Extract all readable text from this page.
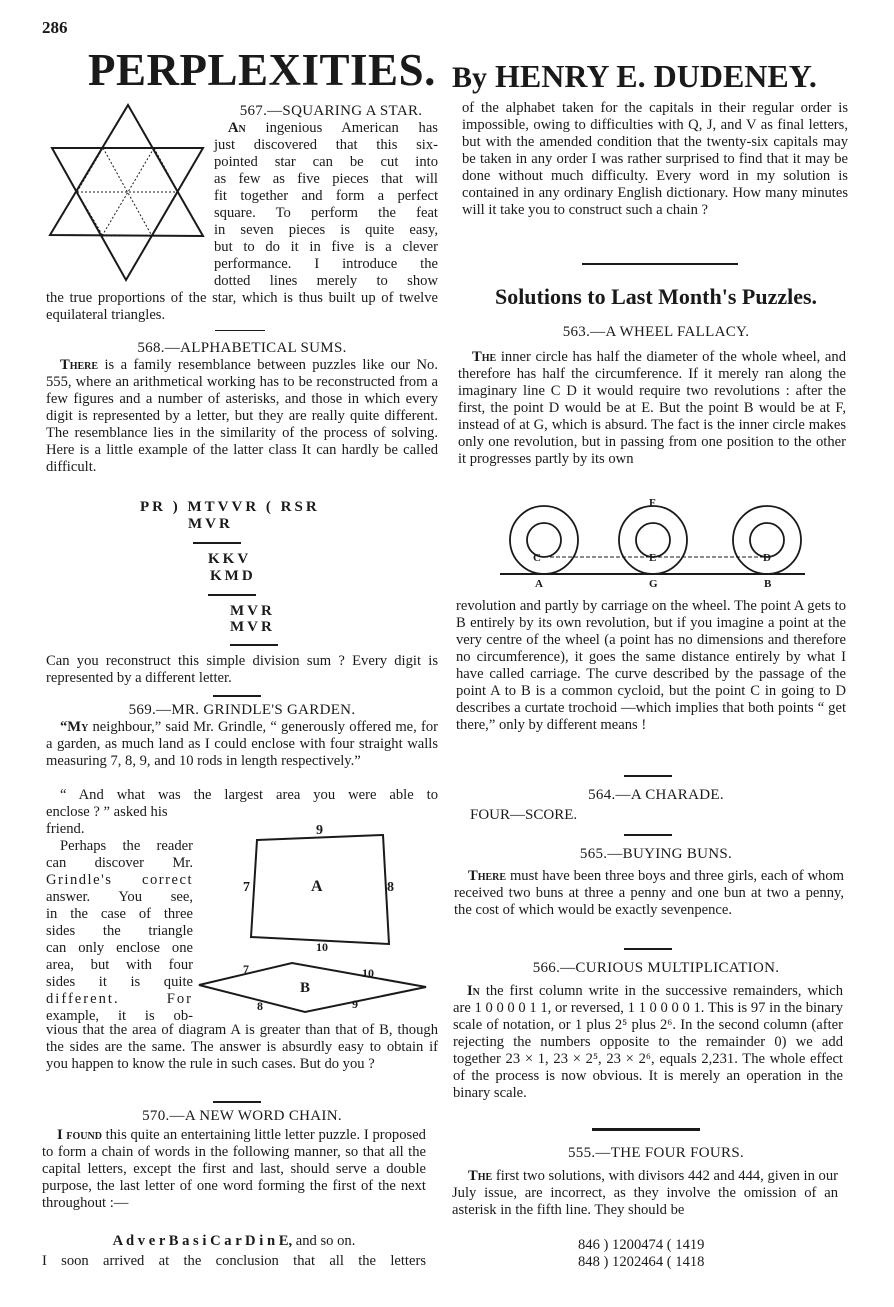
286
PERPLEXITIES. By HENRY E. DUDENEY.
567.—SQUARING A STAR.
An ingenious American has
just discovered that this six-
pointed star can be cut into
as few as five pieces that will
fit together and form a perfect
square. To perform the feat
in seven pieces is quite easy,
but to do it in five is a clever
performance. I introduce the
dotted lines merely to show
the true proportions of the star, which is thus built up of twelve equilateral triangles.
568.—ALPHABETICAL SUMS.
There is a family resemblance between puzzles like our No. 555, where an arithmetical working has to be reconstructed from a few figures and a number of asterisks, and those in which every digit is represented by a letter, but they are really quite different. The resemblance lies in the similarity of the process of solving. Here is a little example of the latter class It can hardly be called difficult.
PR ) MTVVR ( RSR
MVR
KKV
KMD
MVR
MVR
Can you reconstruct this simple division sum ? Every digit is represented by a different letter.
569.—MR. GRINDLE'S GARDEN.
“My neighbour,” said Mr. Grindle, “ generously offered me, for a garden, as much land as I could enclose with four straight walls measuring 7, 8, 9, and 10 rods in length respectively.”
“ And what was the largest area you were able to
enclose ? ” asked his
friend.
Perhaps the reader
can discover Mr.
Grindle's correct
answer. You see,
in the case of three
sides the triangle
can only enclose one
area, but with four
sides it is quite
different. For
example, it is ob-
9
7	8
10
A
7	10
8	9
B
vious that the area of diagram A is greater than that of B, though the sides are the same. The answer is absurdly easy to obtain if you happen to know the rule in such cases. But do you ?
570.—A NEW WORD CHAIN.
I found this quite an entertaining little letter puzzle. I proposed to form a chain of words in the following manner, so that all the capital letters, except the first and last, should serve a double purpose, the last letter of one word forming the first of the next throughout :—
A d v e r B a s i C a r D i n E, and so on.
I soon arrived at the conclusion that all the letters
of the alphabet taken for the capitals in their regular order is impossible, owing to difficulties with Q, J, and V as final letters, but with the amended condition that the twenty-six capitals may be taken in any order I was rather surprised to find that it may be done without much difficulty. Every word in my solution is contained in any ordinary English dictionary. How many minutes will it take you to construct such a chain ?
Solutions to Last Month's Puzzles.
563.—A WHEEL FALLACY.
The inner circle has half the diameter of the whole wheel, and therefore has half the circumference. If it merely ran along the imaginary line C D it would require two revolutions : after the first, the point D would be at E. But the point B would be at F, instead of at G, which is absurd. The fact is the inner circle makes only one revolution, but in passing from one position to the other it progresses partly by its own
F
C	E	D
A	G	B
revolution and partly by carriage on the wheel. The point A gets to B entirely by its own revolution, but if you imagine a point at the very centre of the wheel (a point has no dimensions and therefore no circumference), it goes the same distance entirely by what I have called carriage. The curve described by the passage of the point A to B is a common cycloid, but the point C in going to D describes a curtate trochoid —which implies that both points “ get there,” only by different means !
564.—A CHARADE.
FOUR—SCORE.
565.—BUYING BUNS.
There must have been three boys and three girls, each of whom received two buns at three a penny and one bun at two a penny, the cost of which would be exactly sevenpence.
566.—CURIOUS MULTIPLICATION.
In the first column write in the successive remainders, which are 1 0 0 0 0 1 1, or reversed, 1 1 0 0 0 0 1. This is 97 in the binary scale of notation, or 1 plus 2⁵ plus 2⁶. In the second column (after rejecting the numbers opposite to the remainder 0) we add together 23 × 1, 23 × 2⁵, 23 × 2⁶, equals 2,231. The whole effect of the process is now obvious. It is merely an operation in the binary scale.
555.—THE FOUR FOURS.
The first two solutions, with divisors 442 and 444, given in our July issue, are incorrect, as they involve the omission of an asterisk in the fifth line. They should be
846 ) 1200474 ( 1419
848 ) 1202464 ( 1418
